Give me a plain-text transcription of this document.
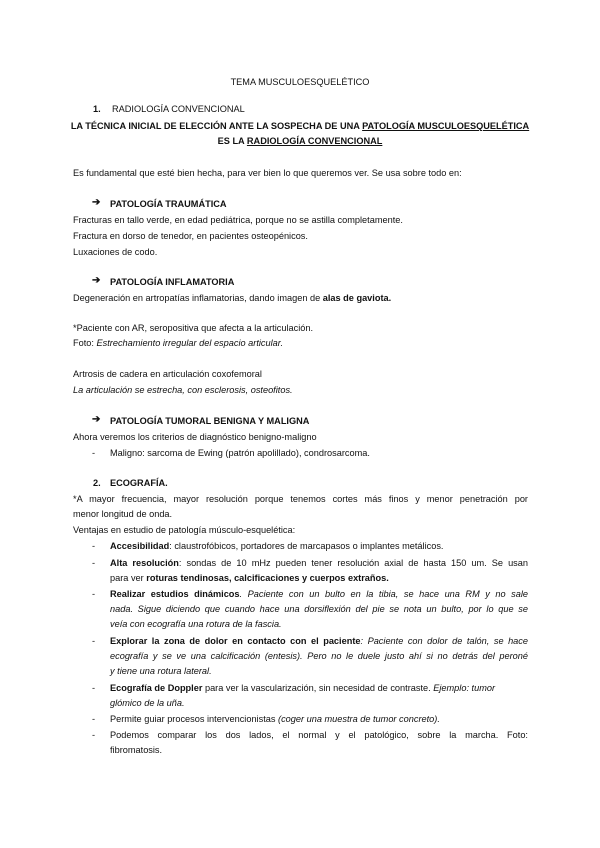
TEMA MUSCULOESQUELÉTICO
1. RADIOLOGÍA CONVENCIONAL
LA TÉCNICA INICIAL DE ELECCIÓN ANTE LA SOSPECHA DE UNA PATOLOGÍA MUSCULOESQUELÉTICA
ES LA RADIOLOGÍA CONVENCIONAL
Es fundamental que esté bien hecha, para ver bien lo que queremos ver. Se usa sobre todo en:
➔ PATOLOGÍA TRAUMÁTICA
Fracturas en tallo verde, en edad pediátrica, porque no se astilla completamente.
Fractura en dorso de tenedor, en pacientes osteopénicos.
Luxaciones de codo.
➔ PATOLOGÍA INFLAMATORIA
Degeneración en artropatías inflamatorias, dando imagen de alas de gaviota.
*Paciente con AR, seropositiva que afecta a la articulación.
Foto: Estrechamiento irregular del espacio articular.
Artrosis de cadera en articulación coxofemoral
La articulación se estrecha, con esclerosis, osteofitos.
➔ PATOLOGÍA TUMORAL BENIGNA Y MALIGNA
Ahora veremos los criterios de diagnóstico benigno-maligno
- Maligno: sarcoma de Ewing (patrón apolillado), condrosarcoma.
2. ECOGRAFÍA.
*A mayor frecuencia, mayor resolución porque tenemos cortes más finos y menor penetración por
menor longitud de onda.
Ventajas en estudio de patología músculo-esquelética:
- Accesibilidad: claustrofóbicos, portadores de marcapasos o implantes metálicos.
- Alta resolución: sondas de 10 mHz pueden tener resolución axial de hasta 150 um. Se usan
para ver roturas tendinosas, calcificaciones y cuerpos extraños.
- Realizar estudios dinámicos. Paciente con un bulto en la tibia, se hace una RM y no sale
nada. Sigue diciendo que cuando hace una dorsiflexión del pie se nota un bulto, por lo que se
veía con ecografía una rotura de la fascia.
- Explorar la zona de dolor en contacto con el paciente: Paciente con dolor de talón, se hace
ecografía y se ve una calcificación (entesis). Pero no le duele justo ahí si no detrás del peroné
y tiene una rotura lateral.
- Ecografía de Doppler para ver la vascularización, sin necesidad de contraste. Ejemplo: tumor
glómico de la uña.
- Permite guiar procesos intervencionistas (coger una muestra de tumor concreto).
- Podemos comparar los dos lados, el normal y el patológico, sobre la marcha. Foto:
fibromatosis.
